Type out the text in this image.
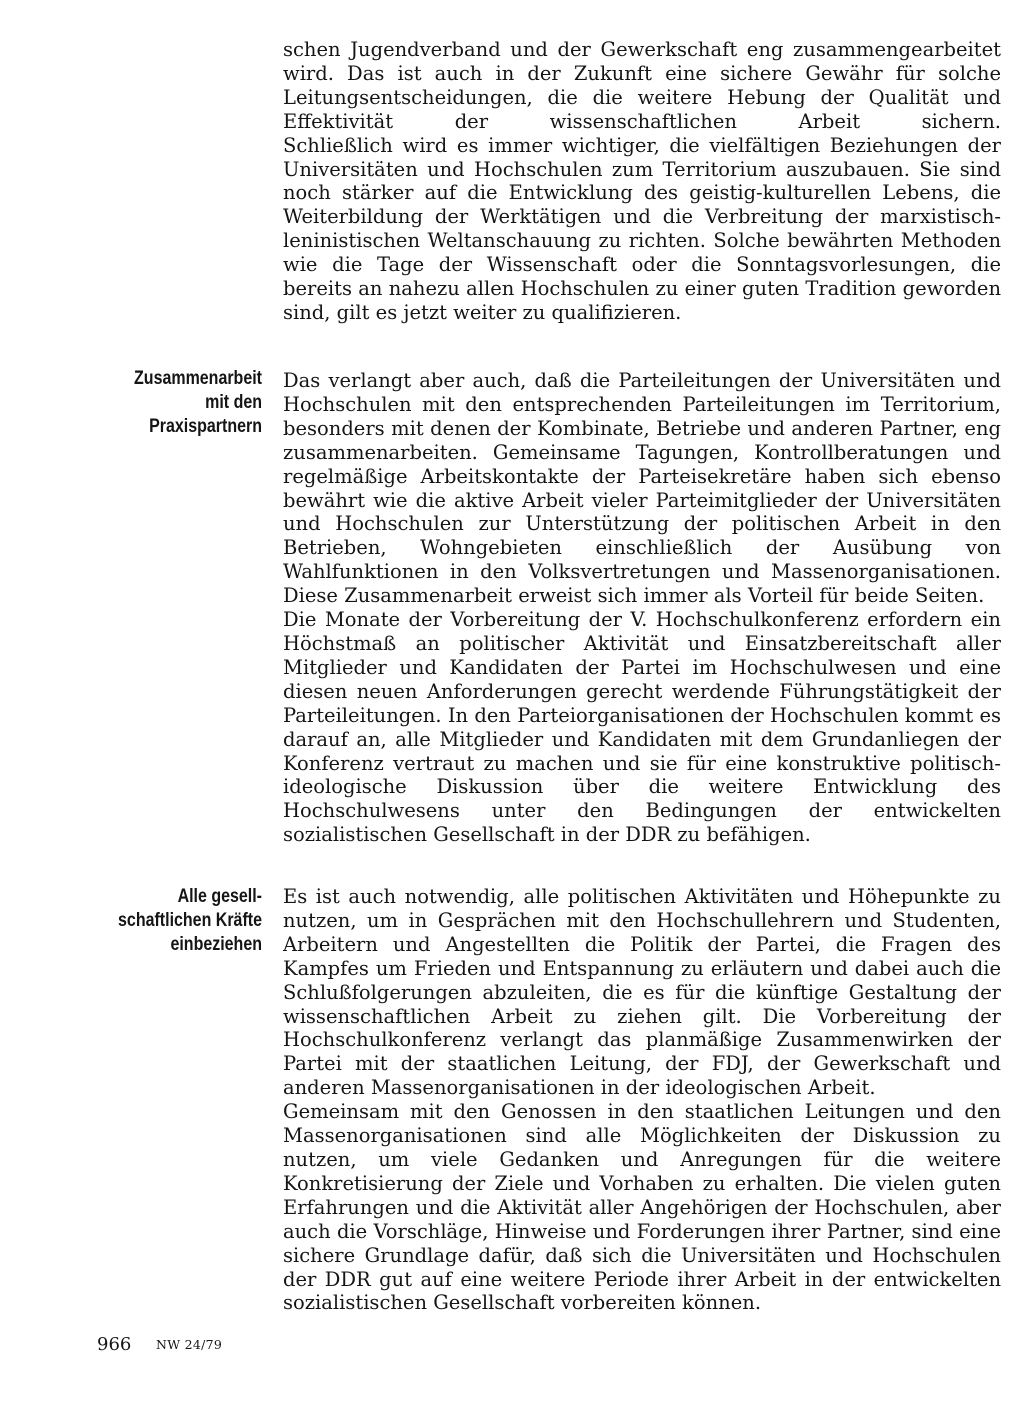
schen Jugendverband und der Gewerkschaft eng zusammengearbeitet wird. Das ist auch in der Zukunft eine sichere Gewähr für solche Leitungsentscheidungen, die die weitere Hebung der Qualität und Effektivität der wissenschaftlichen Arbeit sichern.

Schließlich wird es immer wichtiger, die vielfältigen Beziehungen der Universitäten und Hochschulen zum Territorium auszubauen. Sie sind noch stärker auf die Entwicklung des geistig-kulturellen Lebens, die Weiterbildung der Werktätigen und die Verbreitung der marxistisch-leninistischen Weltanschauung zu richten. Solche bewährten Methoden wie die Tage der Wissenschaft oder die Sonntagsvorlesungen, die bereits an nahezu allen Hochschulen zu einer guten Tradition geworden sind, gilt es jetzt weiter zu qualifizieren.

Zusammenarbeit
mit den
Praxispartnern

Das verlangt aber auch, daß die Parteileitungen der Universitäten und Hochschulen mit den entsprechenden Parteileitungen im Territorium, besonders mit denen der Kombinate, Betriebe und anderen Partner, eng zusammenarbeiten. Gemeinsame Tagungen, Kontrollberatungen und regelmäßige Arbeitskontakte der Parteisekretäre haben sich ebenso bewährt wie die aktive Arbeit vieler Parteimitglieder der Universitäten und Hochschulen zur Unterstützung der politischen Arbeit in den Betrieben, Wohngebieten einschließlich der Ausübung von Wahlfunktionen in den Volksvertretungen und Massenorganisationen. Diese Zusammenarbeit erweist sich immer als Vorteil für beide Seiten.

Die Monate der Vorbereitung der V. Hochschulkonferenz erfordern ein Höchstmaß an politischer Aktivität und Einsatzbereitschaft aller Mitglieder und Kandidaten der Partei im Hochschulwesen und eine diesen neuen Anforderungen gerecht werdende Führungstätigkeit der Parteileitungen. In den Parteiorganisationen der Hochschulen kommt es darauf an, alle Mitglieder und Kandidaten mit dem Grundanliegen der Konferenz vertraut zu machen und sie für eine konstruktive politisch-ideologische Diskussion über die weitere Entwicklung des Hochschulwesens unter den Bedingungen der entwickelten sozialistischen Gesellschaft in der DDR zu befähigen.

Alle gesell-
schaftlichen Kräfte
einbeziehen

Es ist auch notwendig, alle politischen Aktivitäten und Höhepunkte zu nutzen, um in Gesprächen mit den Hochschullehrern und Studenten, Arbeitern und Angestellten die Politik der Partei, die Fragen des Kampfes um Frieden und Entspannung zu erläutern und dabei auch die Schlußfolgerungen abzuleiten, die es für die künftige Gestaltung der wissenschaftlichen Arbeit zu ziehen gilt. Die Vorbereitung der Hochschulkonferenz verlangt das planmäßige Zusammenwirken der Partei mit der staatlichen Leitung, der FDJ, der Gewerkschaft und anderen Massenorganisationen in der ideologischen Arbeit.

Gemeinsam mit den Genossen in den staatlichen Leitungen und den Massenorganisationen sind alle Möglichkeiten der Diskussion zu nutzen, um viele Gedanken und Anregungen für die weitere Konkretisierung der Ziele und Vorhaben zu erhalten. Die vielen guten Erfahrungen und die Aktivität aller Angehörigen der Hochschulen, aber auch die Vorschläge, Hinweise und Forderungen ihrer Partner, sind eine sichere Grundlage dafür, daß sich die Universitäten und Hochschulen der DDR gut auf eine weitere Periode ihrer Arbeit in der entwickelten sozialistischen Gesellschaft vorbereiten können.

966 NW 24/79
